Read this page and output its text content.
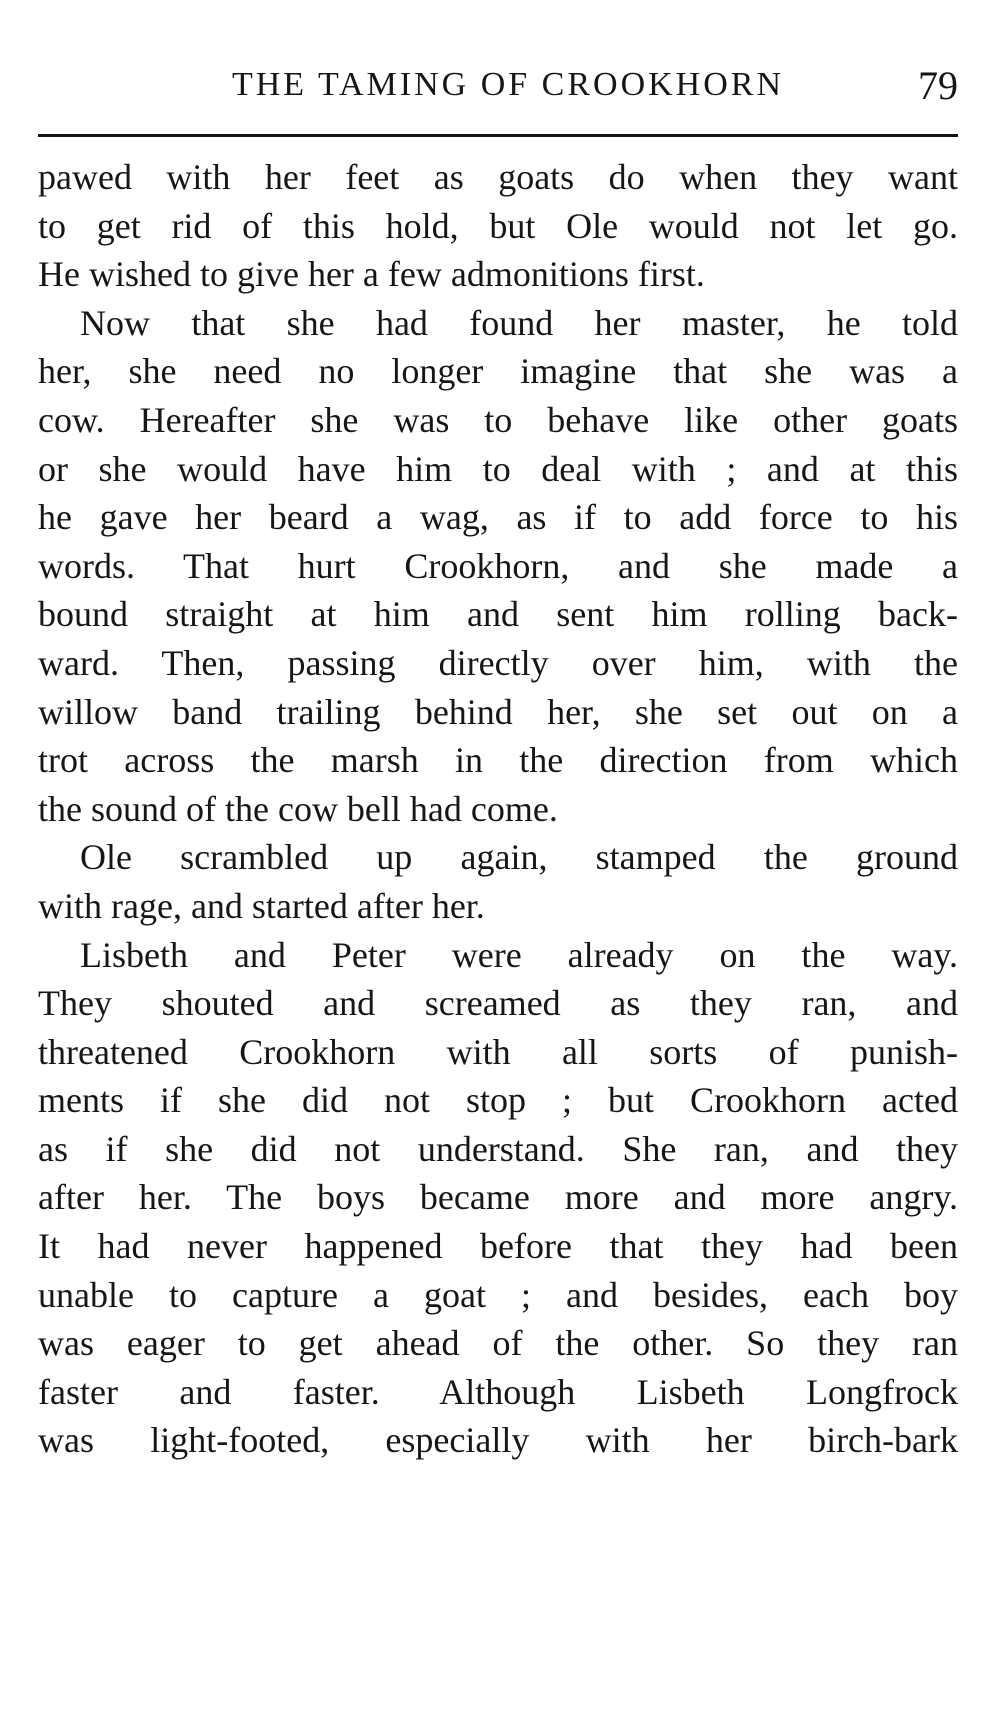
THE TAMING OF CROOKHORN	79

pawed with her feet as goats do when they want
to get rid of this hold, but Ole would not let go.
He wished to give her a few admonitions first.

Now that she had found her master, he told
her, she need no longer imagine that she was a
cow. Hereafter she was to behave like other goats
or she would have him to deal with ; and at this
he gave her beard a wag, as if to add force to his
words. That hurt Crookhorn, and she made a
bound straight at him and sent him rolling back-
ward. Then, passing directly over him, with the
willow band trailing behind her, she set out on a
trot across the marsh in the direction from which
the sound of the cow bell had come.

Ole scrambled up again, stamped the ground
with rage, and started after her.

Lisbeth and Peter were already on the way.
They shouted and screamed as they ran, and
threatened Crookhorn with all sorts of punish-
ments if she did not stop ; but Crookhorn acted
as if she did not understand. She ran, and they
after her. The boys became more and more angry.
It had never happened before that they had been
unable to capture a goat ; and besides, each boy
was eager to get ahead of the other. So they ran
faster and faster. Although Lisbeth Longfrock
was light-footed, especially with her birch-bark
